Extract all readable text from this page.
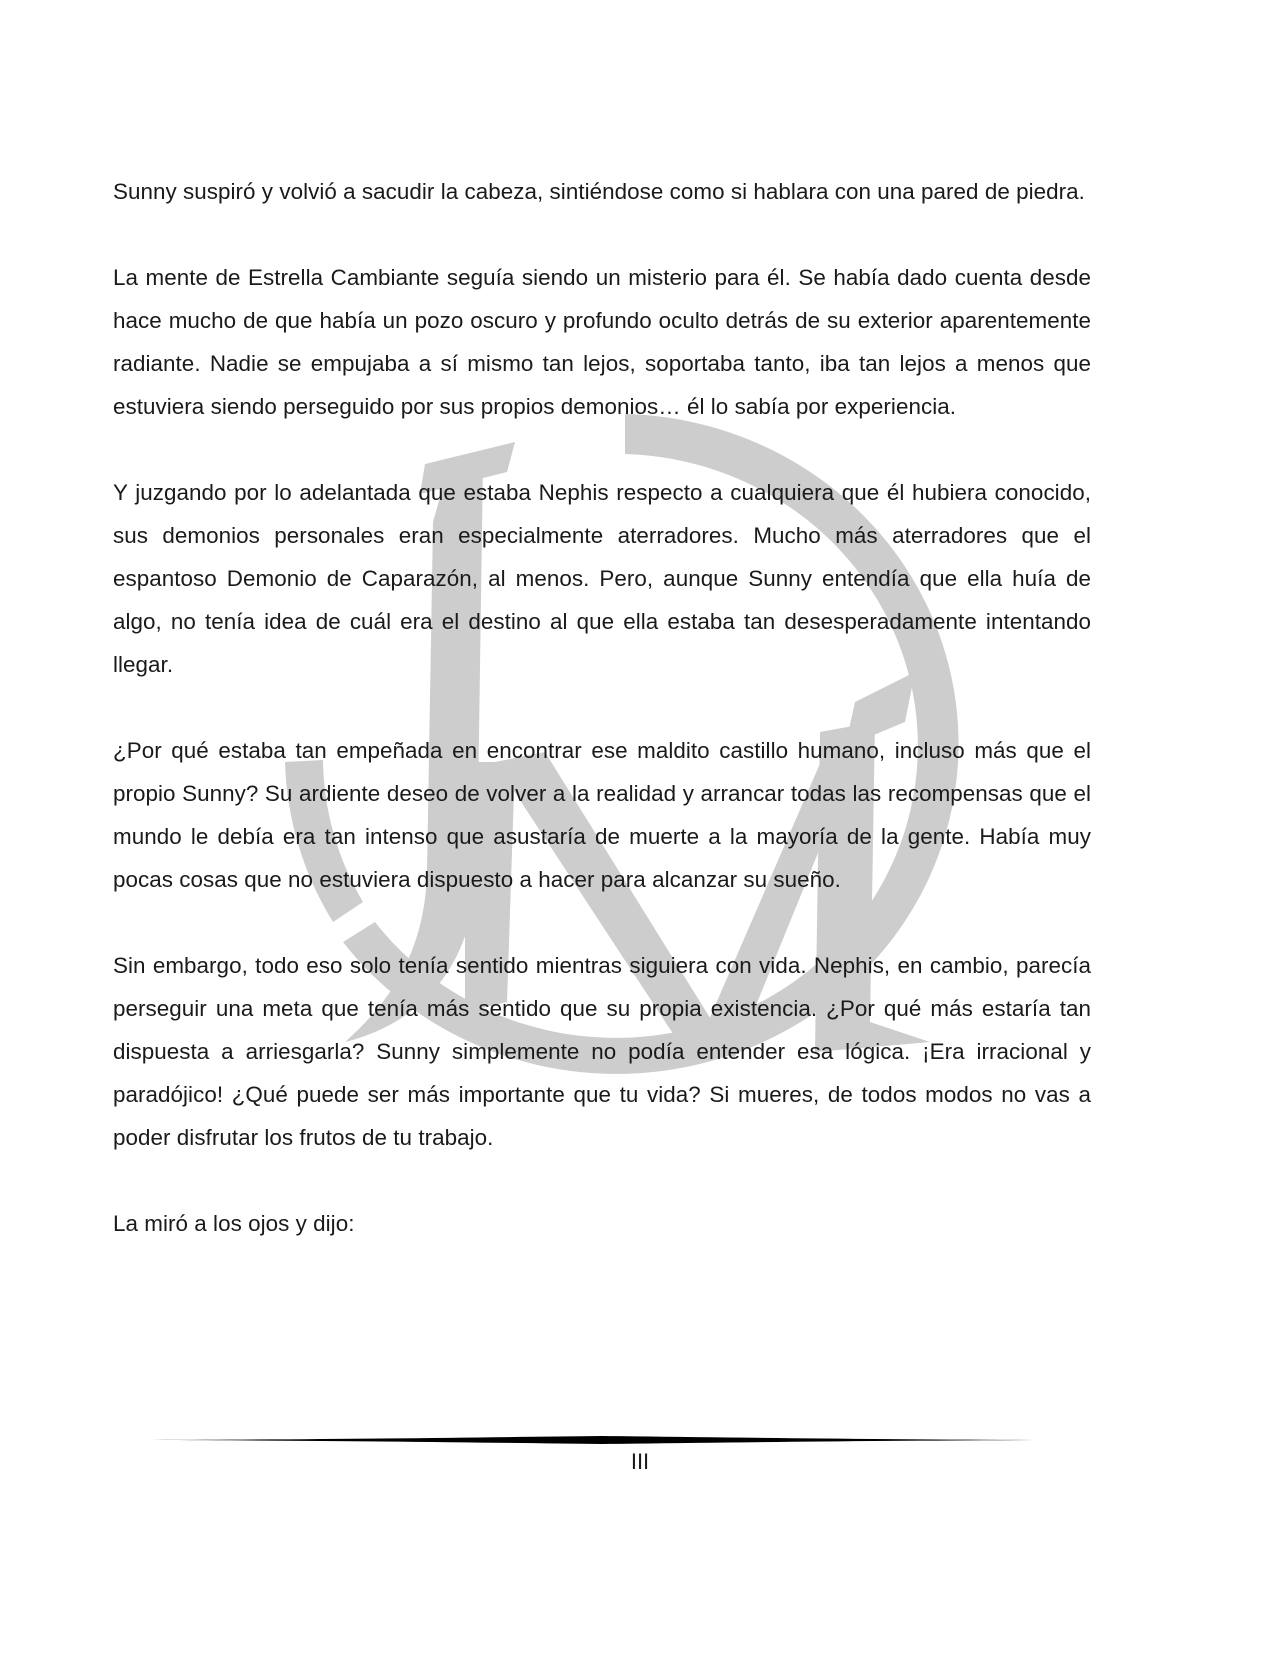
Sunny suspiró y volvió a sacudir la cabeza, sintiéndose como si hablara con una pared de piedra.

La mente de Estrella Cambiante seguía siendo un misterio para él. Se había dado cuenta desde hace mucho de que había un pozo oscuro y profundo oculto detrás de su exterior aparentemente radiante. Nadie se empujaba a sí mismo tan lejos, soportaba tanto, iba tan lejos a menos que estuviera siendo perseguido por sus propios demonios… él lo sabía por experiencia.

Y juzgando por lo adelantada que estaba Nephis respecto a cualquiera que él hubiera conocido, sus demonios personales eran especialmente aterradores. Mucho más aterradores que el espantoso Demonio de Caparazón, al menos. Pero, aunque Sunny entendía que ella huía de algo, no tenía idea de cuál era el destino al que ella estaba tan desesperadamente intentando llegar.

¿Por qué estaba tan empeñada en encontrar ese maldito castillo humano, incluso más que el propio Sunny? Su ardiente deseo de volver a la realidad y arrancar todas las recompensas que el mundo le debía era tan intenso que asustaría de muerte a la mayoría de la gente. Había muy pocas cosas que no estuviera dispuesto a hacer para alcanzar su sueño.

Sin embargo, todo eso solo tenía sentido mientras siguiera con vida. Nephis, en cambio, parecía perseguir una meta que tenía más sentido que su propia existencia. ¿Por qué más estaría tan dispuesta a arriesgarla? Sunny simplemente no podía entender esa lógica. ¡Era irracional y paradójico! ¿Qué puede ser más importante que tu vida? Si mueres, de todos modos no vas a poder disfrutar los frutos de tu trabajo.

La miró a los ojos y dijo:

III
